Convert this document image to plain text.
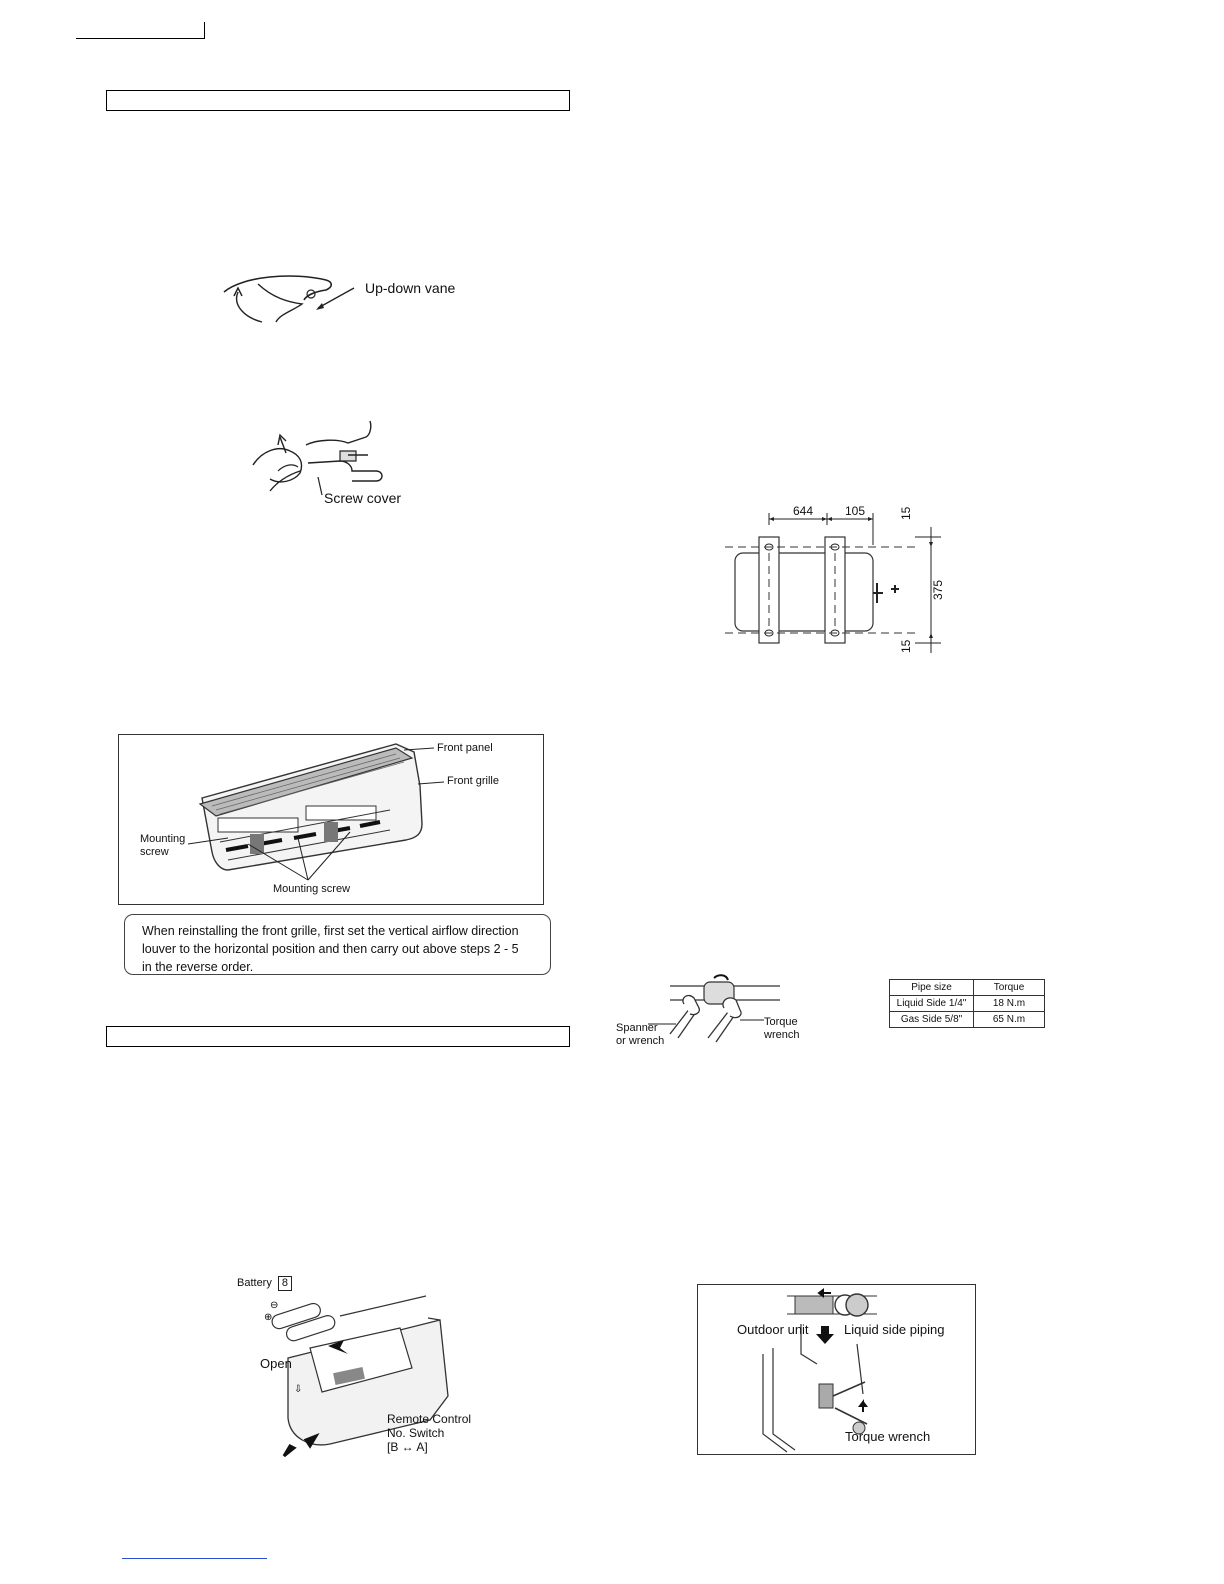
Up-down vane
Screw cover
Front panel
Front grille
Mounting
screw
Mounting screw
When reinstalling the front grille, first set the vertical airflow direction
louver to the horizontal position and then carry out above steps 2 - 5
in the reverse order.
⊕
⊖
⇩
Battery 8
Open
Remote Control
No. Switch
[B ↔ A]
644	105	15
375
15
Spanner
or wrench
Torque
wrench
Pipe size	Torque
Liquid Side 1/4"	18 N.m
Gas Side 5/8"	65 N.m
Outdoor unit	Liquid side piping
Torque wrench
